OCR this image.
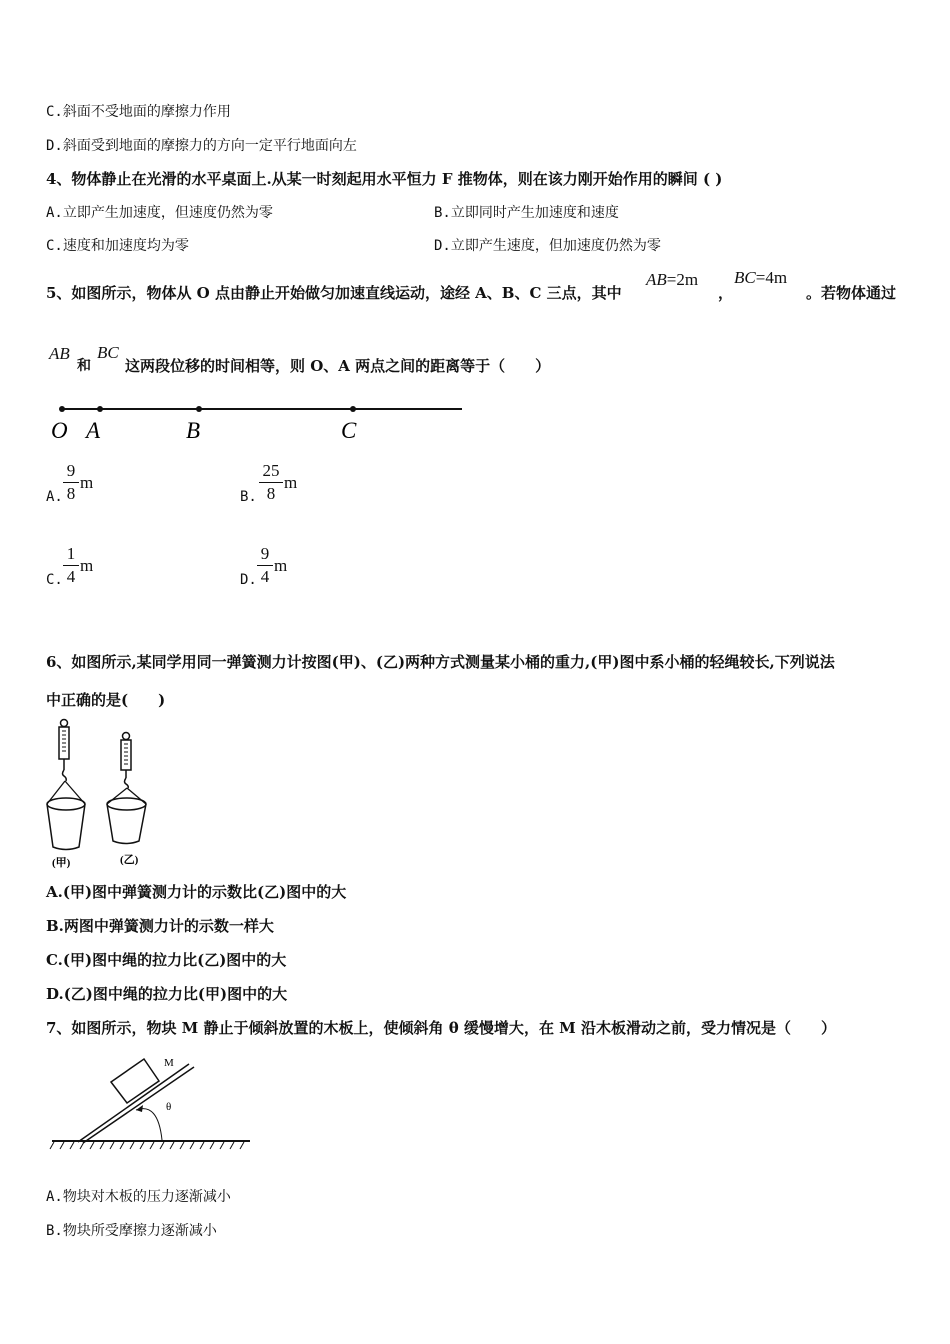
C.斜面不受地面的摩擦力作用
D.斜面受到地面的摩擦力的方向一定平行地面向左
4、物体静止在光滑的水平桌面上.从某一时刻起用水平恒力 F 推物体，则在该力刚开始作用的瞬间 ( )
A.立即产生加速度，但速度仍然为零	B.立即同时产生加速度和速度
C.速度和加速度均为零	D.立即产生速度，但加速度仍然为零
5、如图所示，物体从 O 点由静止开始做匀加速直线运动，途经 A、B、C 三点，其中
AB=2m
，
BC=4m
。若物体通过
AB
和
BC
这两段位移的时间相等，则 O、A 两点之间的距离等于（　　）
O A	B	C
A.
9
8
m
B.
25
8
m
C.
1
4
m
D.
9
4
m
6、如图所示,某同学用同一弹簧测力计按图(甲)、(乙)两种方式测量某小桶的重力,(甲)图中系小桶的轻绳较长,下列说法
中正确的是(　　)
(甲)	(乙)
A.(甲)图中弹簧测力计的示数比(乙)图中的大
B.两图中弹簧测力计的示数一样大
C.(甲)图中绳的拉力比(乙)图中的大
D.(乙)图中绳的拉力比(甲)图中的大
7、如图所示，物块 M 静止于倾斜放置的木板上，使倾斜角 θ 缓慢增大，在 M 沿木板滑动之前，受力情况是（　　）
M
θ
A.物块对木板的压力逐渐减小
B.物块所受摩擦力逐渐减小
